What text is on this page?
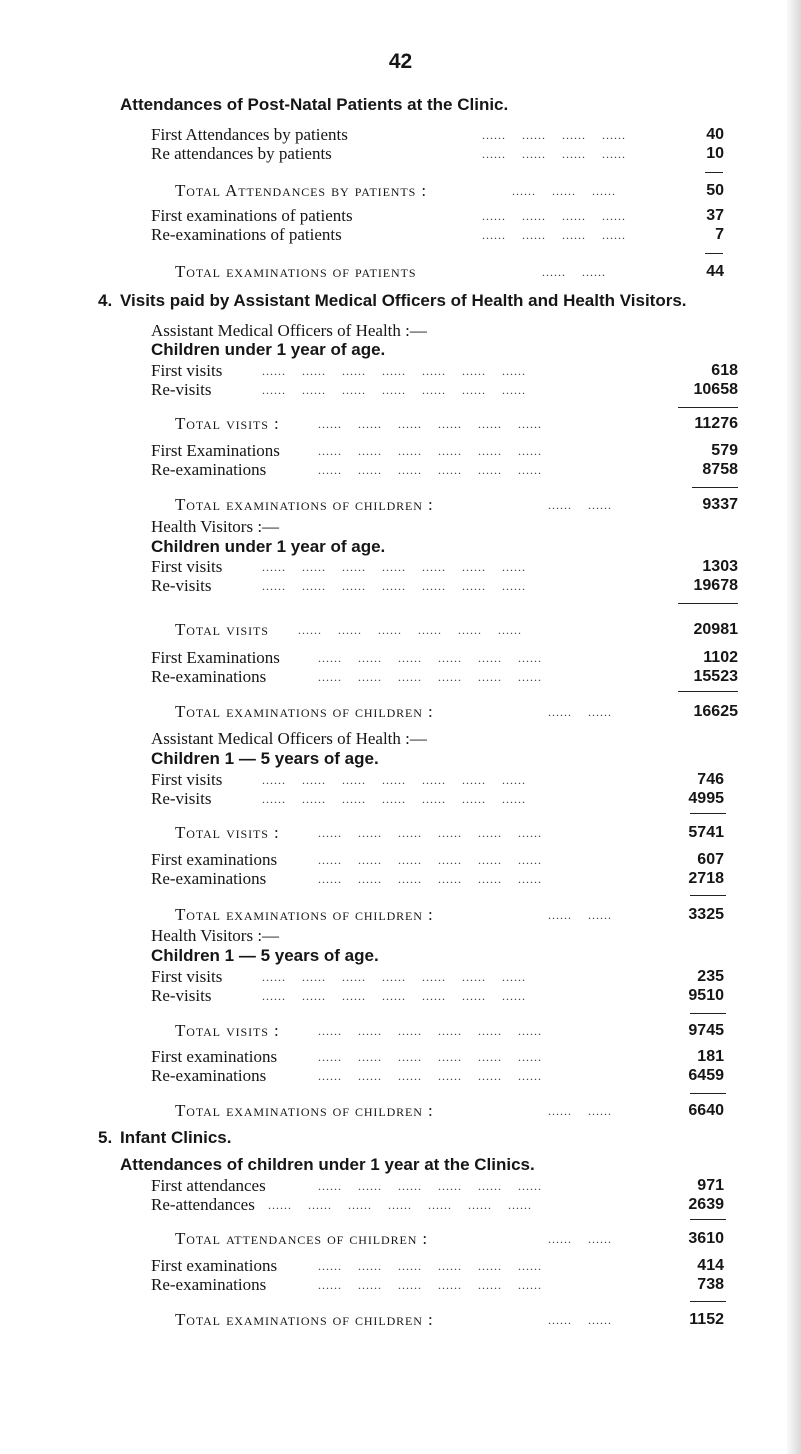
42
Attendances of Post-Natal Patients at the Clinic.
First Attendances by patients	......    ......    ......    ......	40
Re attendances by patients	......    ......    ......    ......	10
Total Attendances by patients :	......    ......    ......	50
First examinations of patients	......    ......    ......    ......	37
Re-examinations of patients	......    ......    ......    ......	7
Total examinations of patients	......    ......	44
4. Visits paid by Assistant Medical Officers of Health and Health Visitors.
Assistant Medical Officers of Health :—
Children under 1 year of age.
First visits	......    ......    ......    ......    ......    ......    ......	618
Re-visits	......    ......    ......    ......    ......    ......    ......	10658
Total visits :	......    ......    ......    ......    ......    ......	11276
First Examinations	......    ......    ......    ......    ......    ......	579
Re-examinations	......    ......    ......    ......    ......    ......	8758
Total examinations of children :	......    ......	9337
Health Visitors :—
Children under 1 year of age.
First visits	......    ......    ......    ......    ......    ......    ......	1303
Re-visits	......    ......    ......    ......    ......    ......    ......	19678
Total visits ......    ......    ......    ......    ......    ......	20981
First Examinations	......    ......    ......    ......    ......    ......	1102
Re-examinations	......    ......    ......    ......    ......    ......	15523
Total examinations of children :	......    ......	16625
Assistant Medical Officers of Health :—
Children 1 — 5 years of age.
First visits	......    ......    ......    ......    ......    ......    ......	746
Re-visits	......    ......    ......    ......    ......    ......    ......	4995
Total visits :	......    ......    ......    ......    ......    ......	5741
First examinations	......    ......    ......    ......    ......    ......	607
Re-examinations	......    ......    ......    ......    ......    ......	2718
Total examinations of children :	......    ......	3325
Health Visitors :—
Children 1 — 5 years of age.
First visits	......    ......    ......    ......    ......    ......    ......	235
Re-visits	......    ......    ......    ......    ......    ......    ......	9510
Total visits :	......    ......    ......    ......    ......    ......	9745
First examinations	......    ......    ......    ......    ......    ......	181
Re-examinations	......    ......    ......    ......    ......    ......	6459
Total examinations of children :	......    ......	6640
5. Infant Clinics.
Attendances of children under 1 year at the Clinics.
First attendances	......    ......    ......    ......    ......    ......	971
Re-attendances ......    ......    ......    ......    ......    ......    ......	2639
Total attendances of children :	......    ......	3610
First examinations	......    ......    ......    ......    ......    ......	414
Re-examinations	......    ......    ......    ......    ......    ......	738
Total examinations of children :	......    ......	1152
